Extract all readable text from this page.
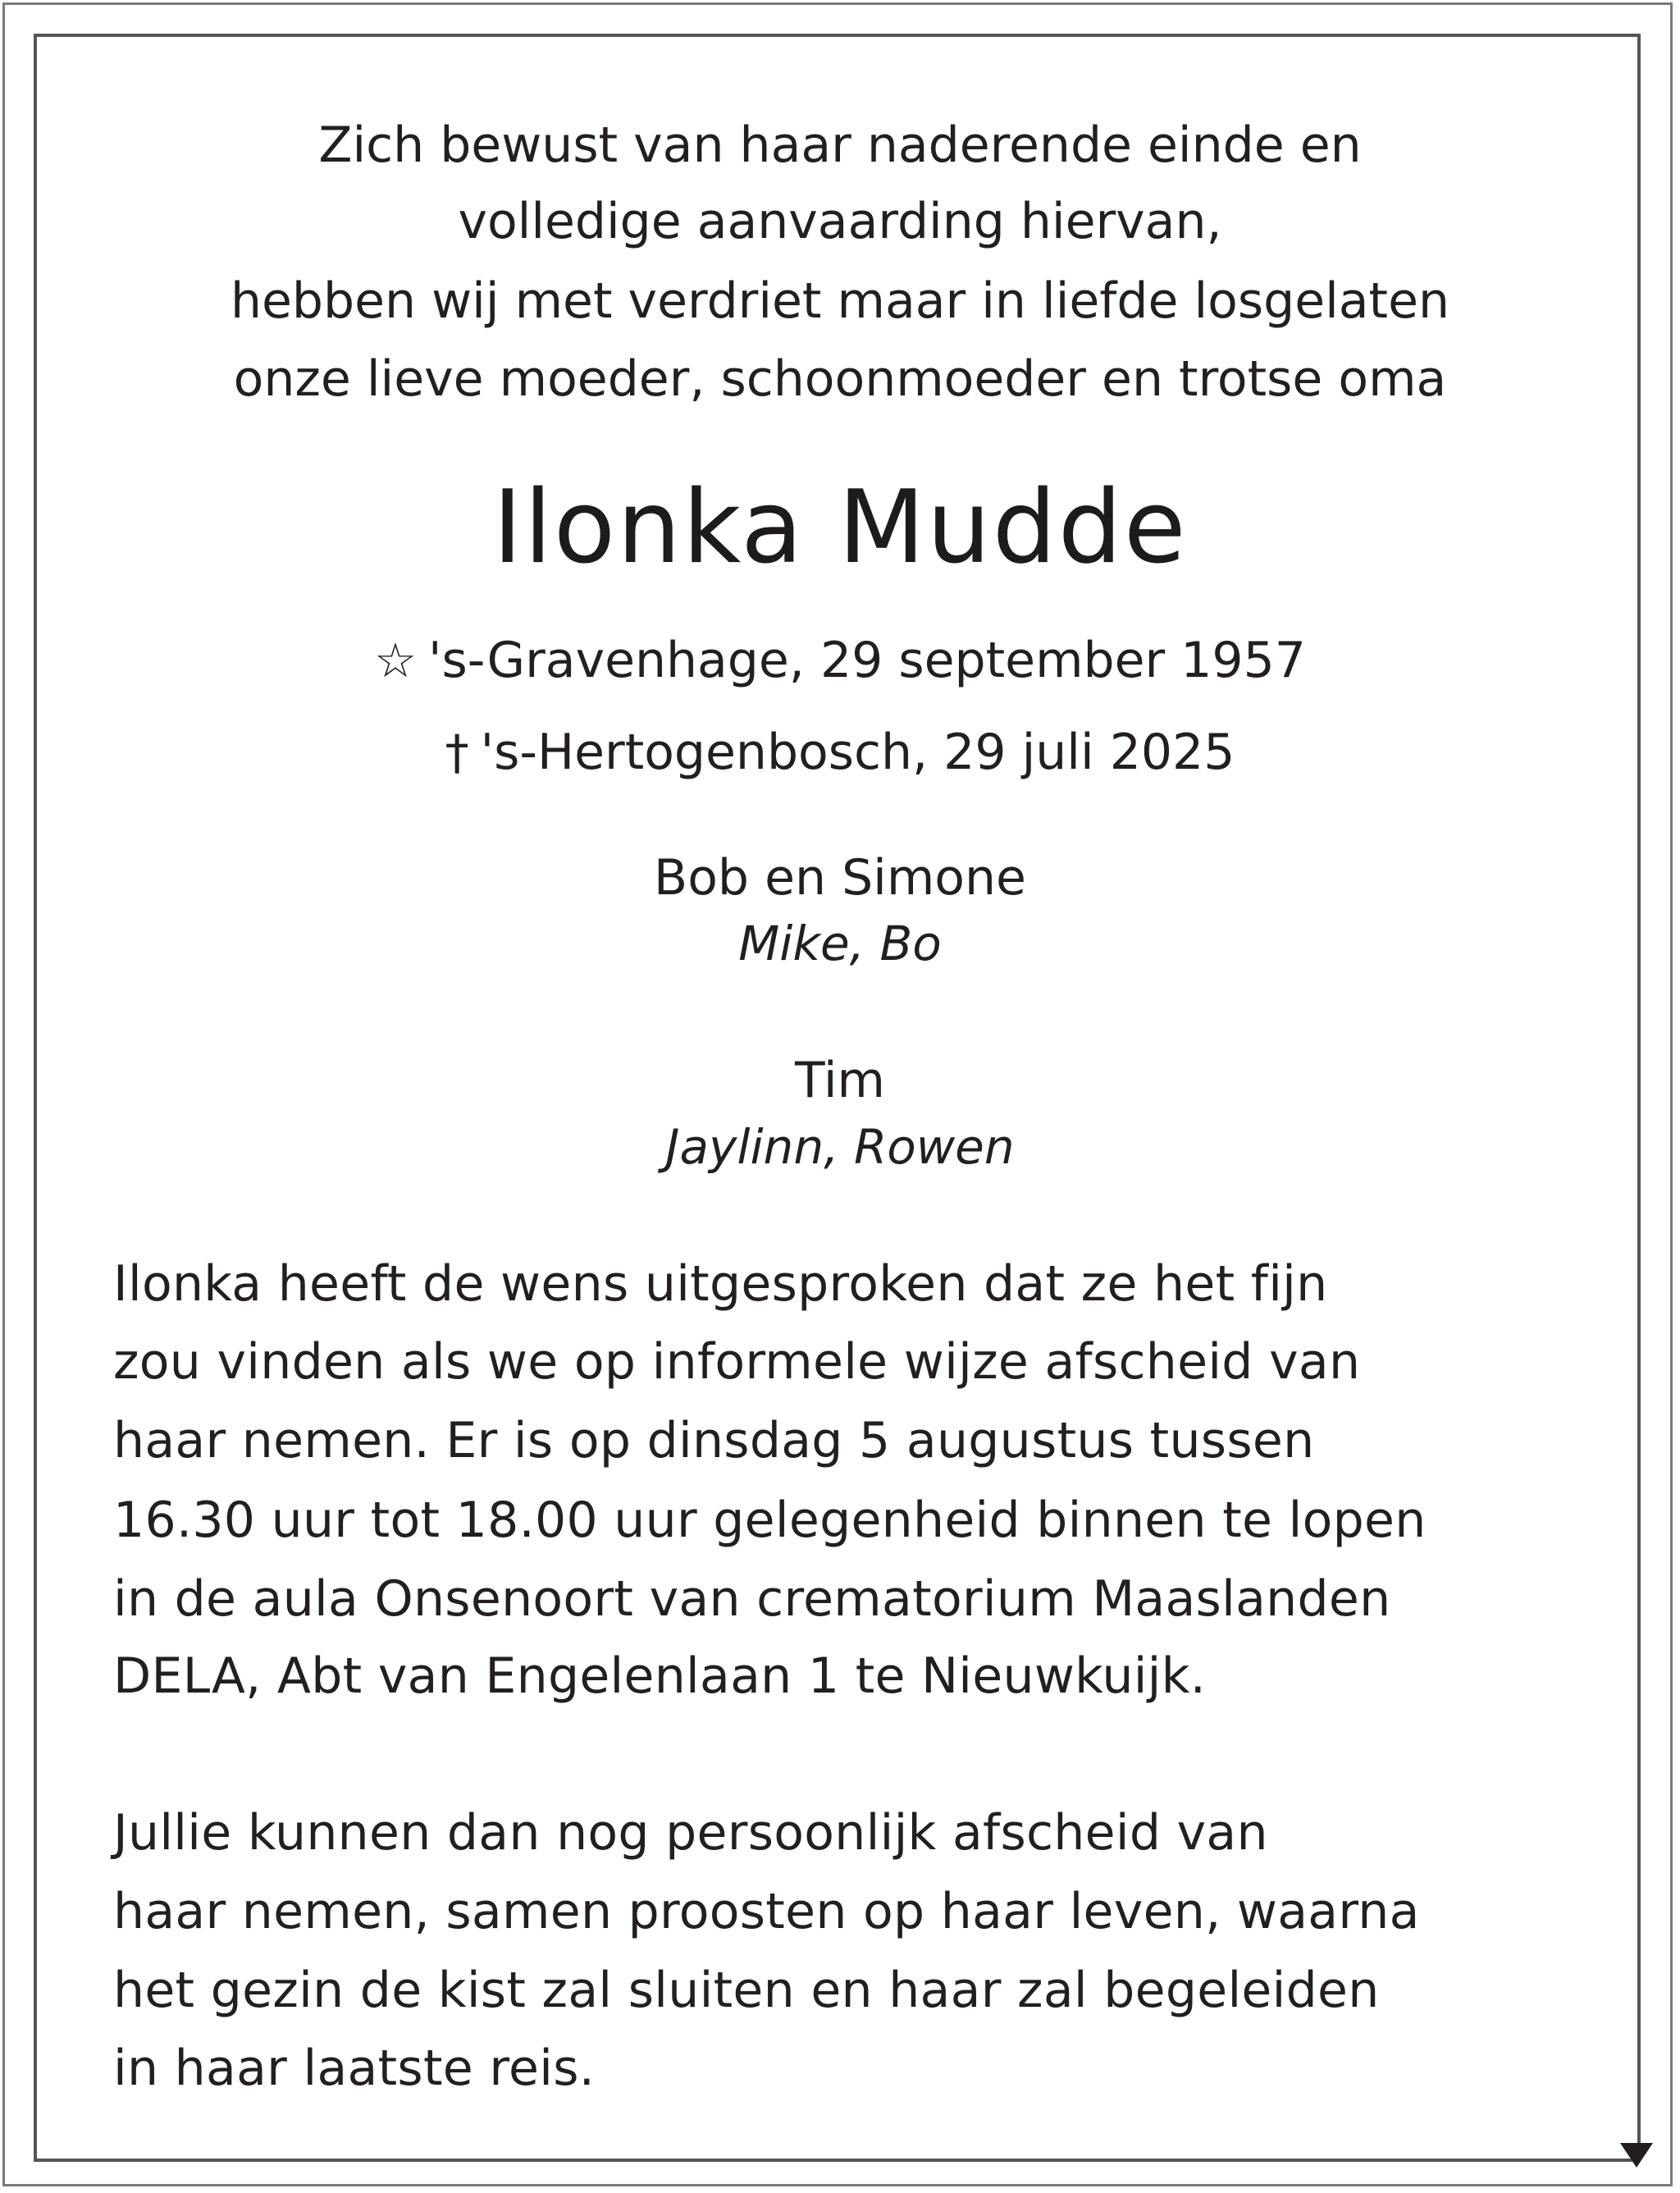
Zich bewust van haar naderende einde en
volledige aanvaarding hiervan,
hebben wij met verdriet maar in liefde losgelaten
onze lieve moeder, schoonmoeder en trotse oma
Ilonka Mudde
☆ 's-Gravenhage, 29 september 1957
† 's-Hertogenbosch, 29 juli 2025
Bob en Simone
Mike, Bo
Tim
Jaylinn, Rowen
Ilonka heeft de wens uitgesproken dat ze het fijn
zou vinden als we op informele wijze afscheid van
haar nemen. Er is op dinsdag 5 augustus tussen
16.30 uur tot 18.00 uur gelegenheid binnen te lopen
in de aula Onsenoort van crematorium Maaslanden
DELA, Abt van Engelenlaan 1 te Nieuwkuijk.
Jullie kunnen dan nog persoonlijk afscheid van
haar nemen, samen proosten op haar leven, waarna
het gezin de kist zal sluiten en haar zal begeleiden
in haar laatste reis.
